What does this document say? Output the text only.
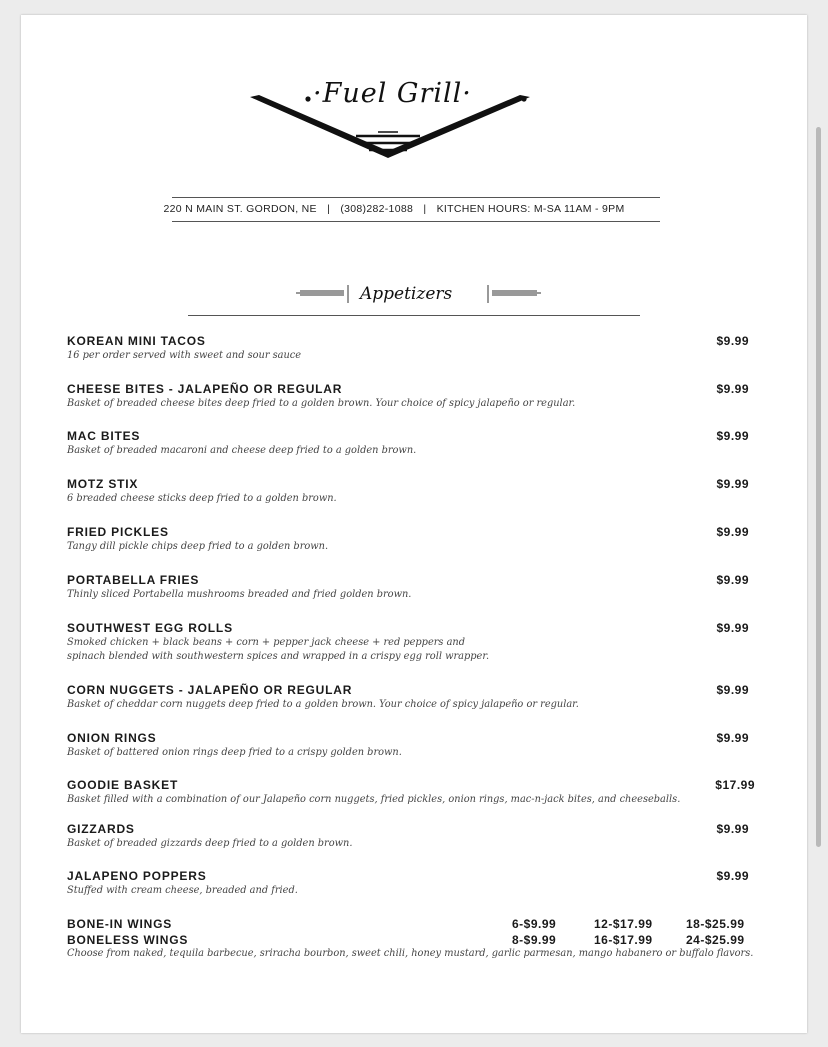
·Fuel Grill·
220 N MAIN ST. GORDON, NE | (308)282-1088 | KITCHEN HOURS: M-SA 11AM - 9PM
Appetizers
KOREAN MINI TACOS
16 per order served with sweet and sour sauce
$9.99
CHEESE BITES - JALAPEÑO OR REGULAR
Basket of breaded cheese bites deep fried to a golden brown. Your choice of spicy jalapeño or regular.
$9.99
MAC BITES
Basket of breaded macaroni and cheese deep fried to a golden brown.
$9.99
MOTZ STIX
6 breaded cheese sticks deep fried to a golden brown.
$9.99
FRIED PICKLES
Tangy dill pickle chips deep fried to a golden brown.
$9.99
PORTABELLA FRIES
Thinly sliced Portabella mushrooms breaded and fried golden brown.
$9.99
SOUTHWEST EGG ROLLS
Smoked chicken + black beans + corn + pepper jack cheese + red peppers and
spinach blended with southwestern spices and wrapped in a crispy egg roll wrapper.
$9.99
CORN NUGGETS - JALAPEÑO OR REGULAR
Basket of cheddar corn nuggets deep fried to a golden brown. Your choice of spicy jalapeño or regular.
$9.99
ONION RINGS
Basket of battered onion rings deep fried to a crispy golden brown.
$9.99
GOODIE BASKET
Basket filled with a combination of our Jalapeño corn nuggets, fried pickles, onion rings, mac-n-jack bites, and cheeseballs.
$17.99
GIZZARDS
Basket of breaded gizzards deep fried to a golden brown.
$9.99
JALAPENO POPPERS
Stuffed with cream cheese, breaded and fried.
$9.99
BONE-IN WINGS	6-$9.99	12-$17.99	18-$25.99
BONELESS WINGS	8-$9.99	16-$17.99	24-$25.99
Choose from naked, tequila barbecue, sriracha bourbon, sweet chili, honey mustard, garlic parmesan, mango habanero or buffalo flavors.
